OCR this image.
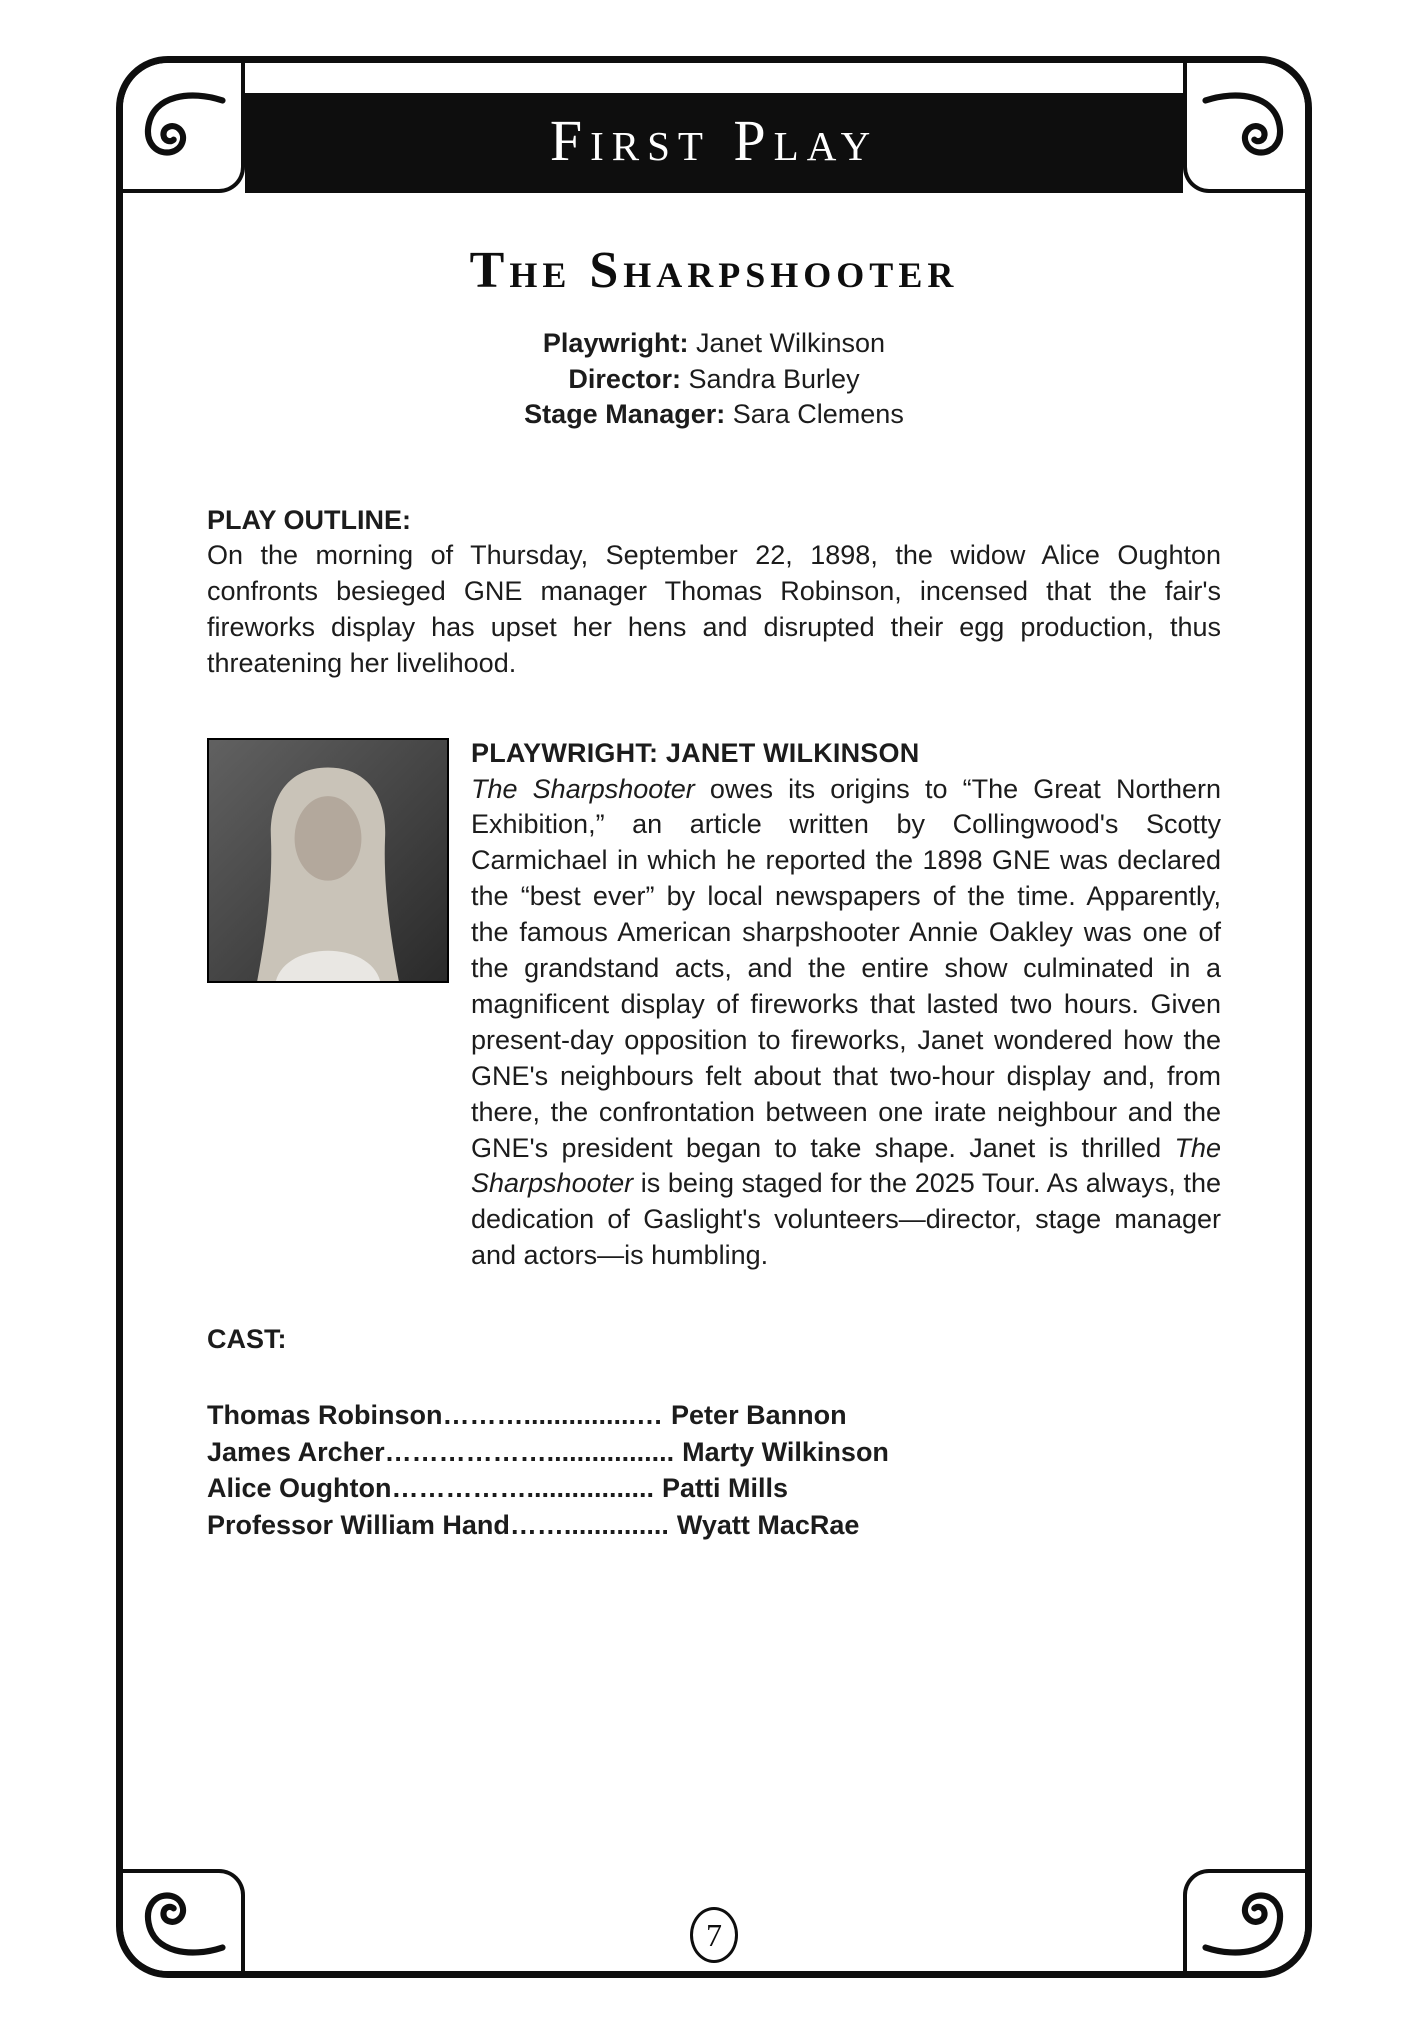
First Play
The Sharpshooter
Playwright: Janet Wilkinson
Director: Sandra Burley
Stage Manager: Sara Clemens
PLAY OUTLINE:
On the morning of Thursday, September 22, 1898, the widow Alice Oughton confronts besieged GNE manager Thomas Robinson, incensed that the fair's fireworks display has upset her hens and disrupted their egg production, thus threatening her livelihood.
PLAYWRIGHT: JANET WILKINSON
The Sharpshooter owes its origins to “The Great Northern Exhibition,” an article written by Collingwood's Scotty Carmichael in which he reported the 1898 GNE was declared the “best ever” by local newspapers of the time. Apparently, the famous American sharpshooter Annie Oakley was one of the grandstand acts, and the entire show culminated in a magnificent display of fireworks that lasted two hours. Given present-day opposition to fireworks, Janet wondered how the GNE's neighbours felt about that two-hour display and, from there, the confrontation between one irate neighbour and the GNE's president began to take shape. Janet is thrilled The Sharpshooter is being staged for the 2025 Tour. As always, the dedication of Gaslight's volunteers—director, stage manager and actors—is humbling.
CAST:
Thomas Robinson………...............… Peter Bannon
James Archer………………................. Marty Wilkinson
Alice Oughton……………................. Patti Mills
Professor William Hand…….............. Wyatt MacRae
7
